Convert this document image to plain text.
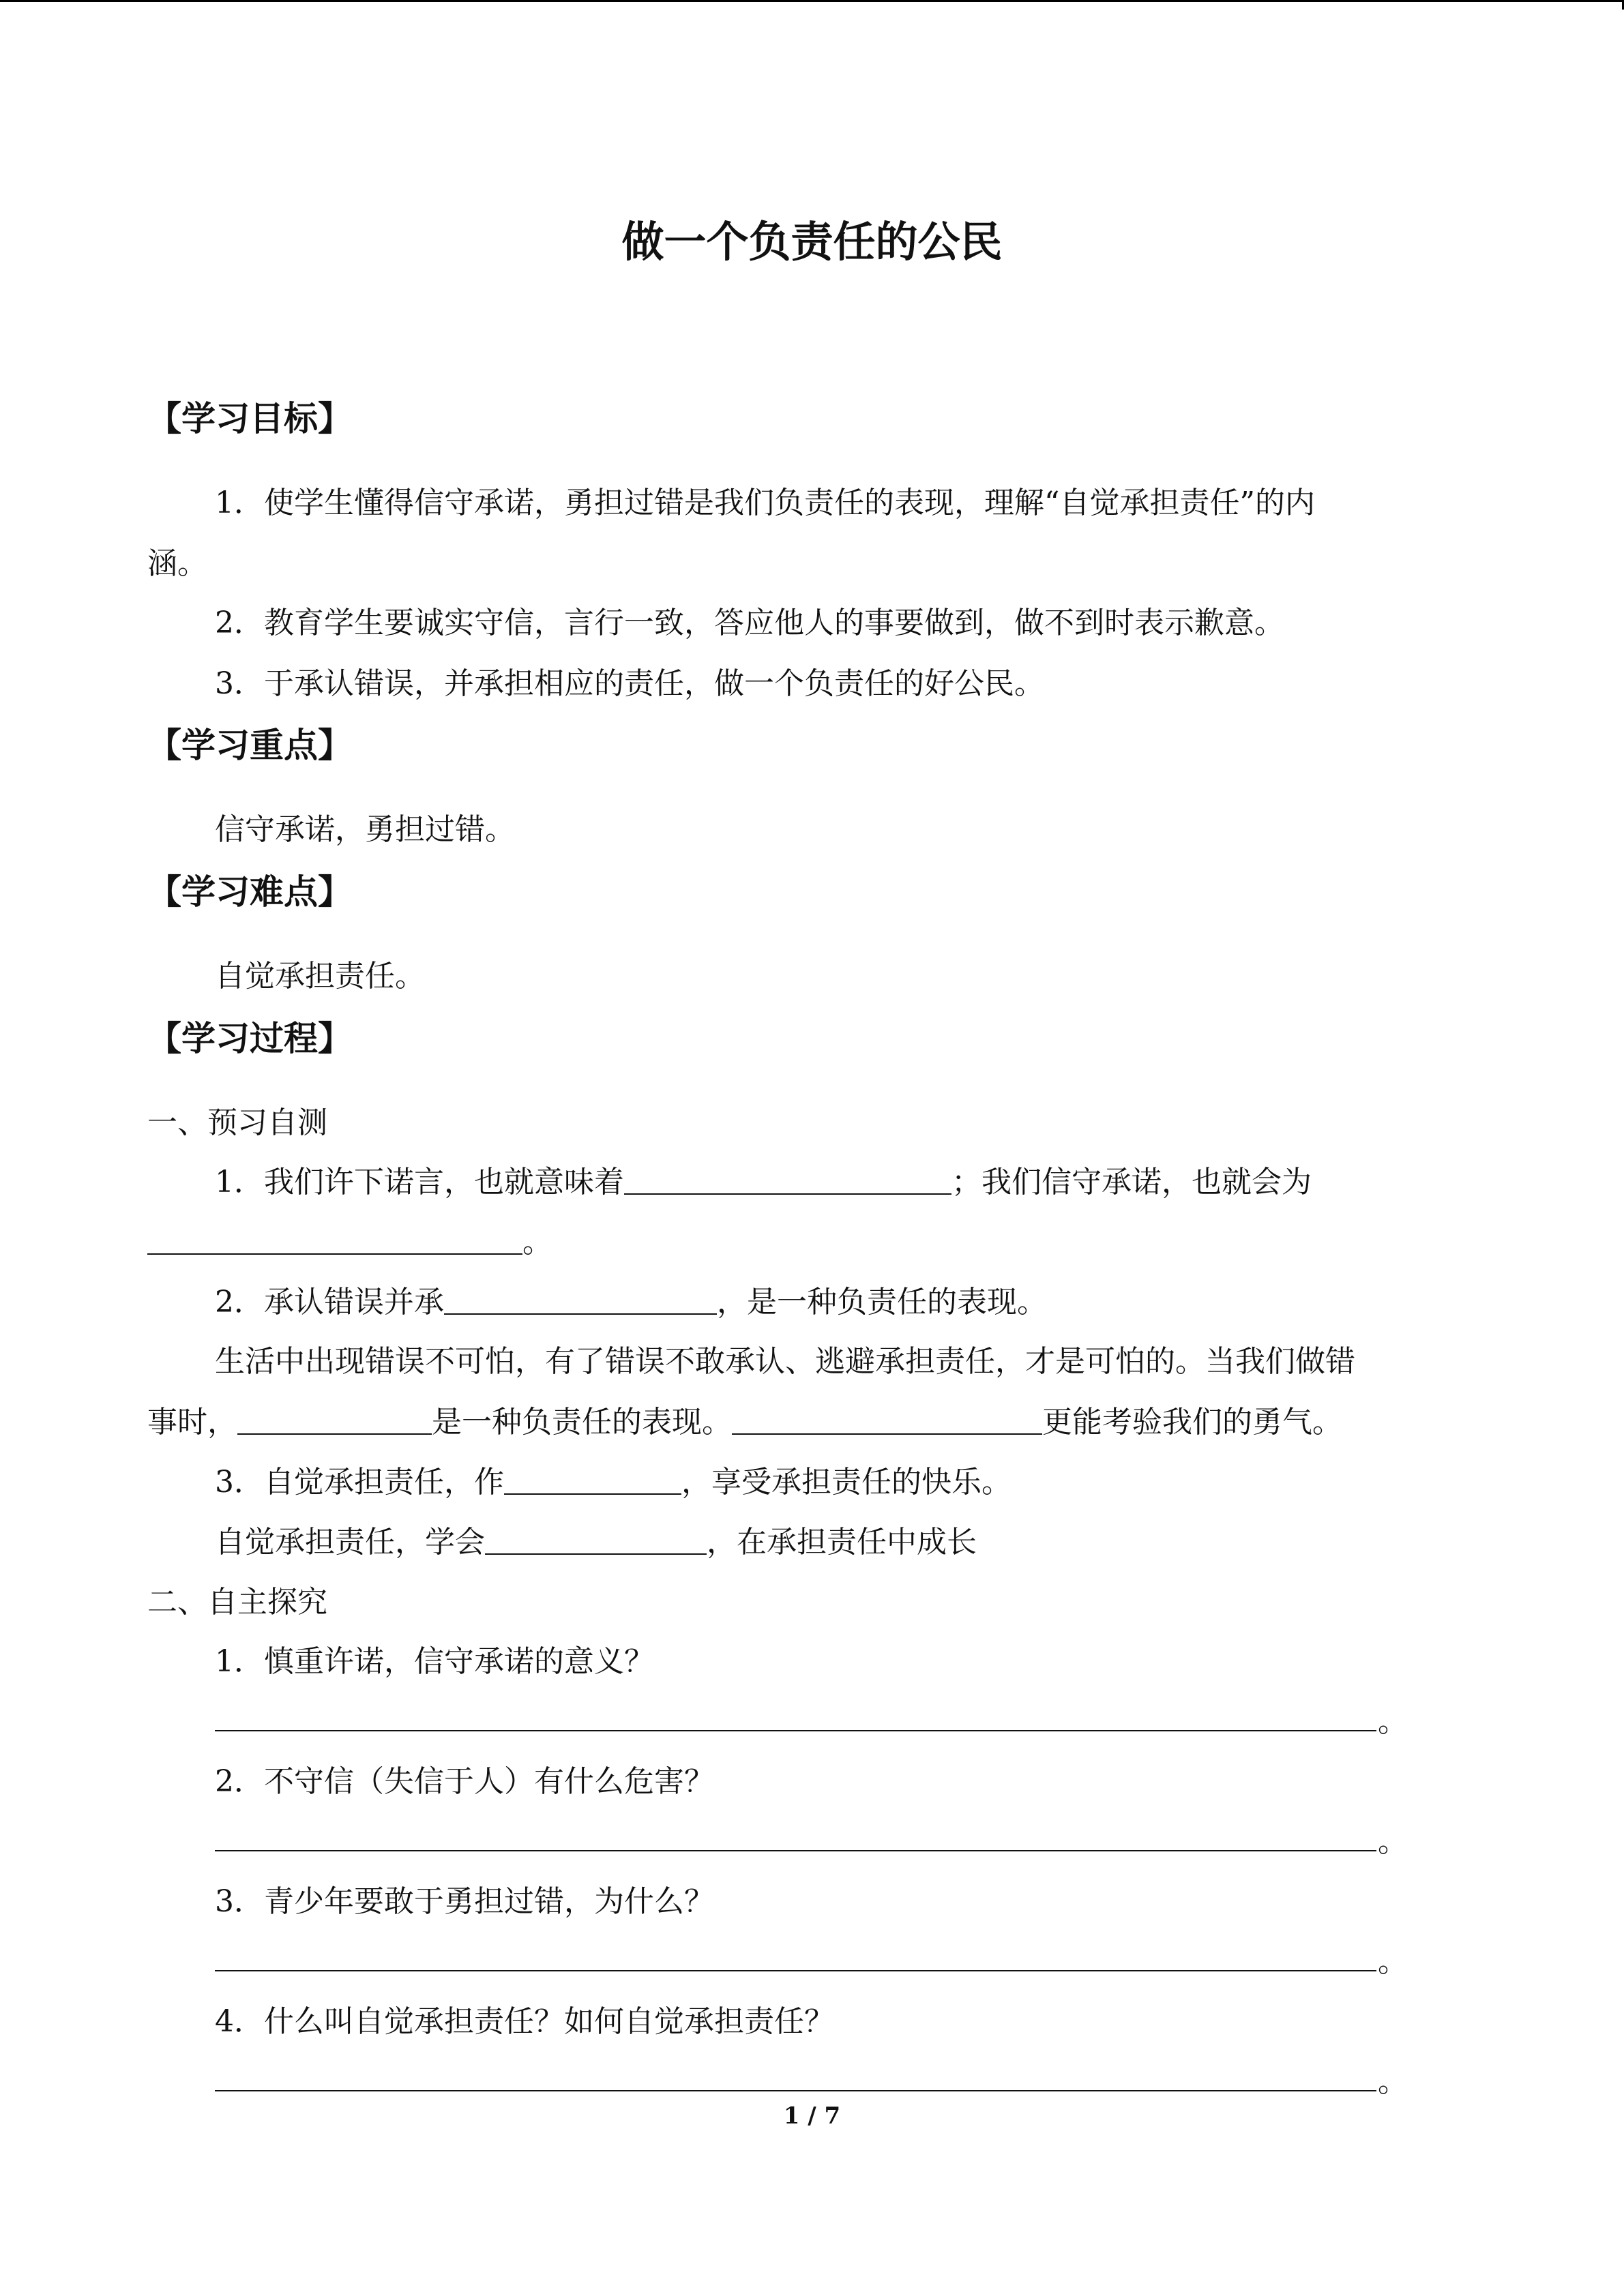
做一个负责任的公民
【学习目标】
1．使学生懂得信守承诺，勇担过错是我们负责任的表现，理解“自觉承担责任”的内
涵。
2．教育学生要诚实守信，言行一致，答应他人的事要做到，做不到时表示歉意。
3．于承认错误，并承担相应的责任，做一个负责任的好公民。
【学习重点】
信守承诺，勇担过错。
【学习难点】
自觉承担责任。
【学习过程】
一、预习自测
1．我们许下诺言，也就意味着	；我们信守承诺，也就会为
。
2．承认错误并承	，是一种负责任的表现。
生活中出现错误不可怕，有了错误不敢承认、逃避承担责任，才是可怕的。当我们做错
事时，	是一种负责任的表现。	更能考验我们的勇气。
3．自觉承担责任，作	，享受承担责任的快乐。
自觉承担责任，学会	，在承担责任中成长
二、自主探究
1．慎重许诺，信守承诺的意义？
。
2．不守信（失信于人）有什么危害？
。
3．青少年要敢于勇担过错，为什么？
。
4．什么叫自觉承担责任？如何自觉承担责任？
。
1 / 7
